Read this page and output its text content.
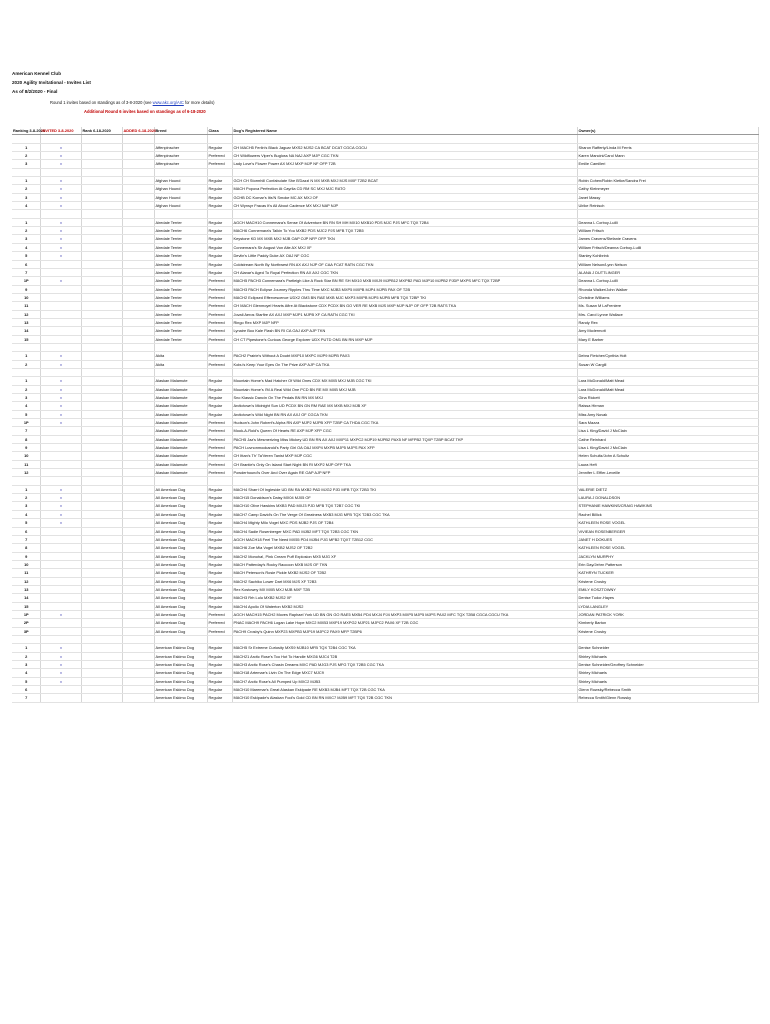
American Kennel Club
2020 Agility Invitational - Invites List
As of 8/2/2020 - Final
Round 1 invites based on standings as of 3-8-2020 (see www.akc.org/AIC for more details)
Additional Round 6 invites based on standings as of 6-18-2020
Ranking 3-8-2020	INVITED 3-8-2020	Rank 6-18-2020	ADDED 6-18-2020	Breed	Class	Dog's Registered Name	Owner(s)

1	x			Affenpinscher	Regular	CH MACH5 Ferlin's Black Jaguar MXS2 MJS2 CA BCAT DCAT CGCA CGCU	Sharon Rafferty/Linda M Ferris
2	x			Affenpinscher	Preferred	CH Wildflowers Viper's Bugloss NA NAJ AXP MJP CGC TKN	Karen Mancini/Carol Mann
3	x			Affenpinscher	Preferred	Lady Love's Flower Power AX MXJ MXP MJP NF OFP T2B	Emilie Camilleri

1	x			Afghan Hound	Regular	GCH CH Stormhill Confabulate She B'Dazzl N MX MXB MXJ MJS MXF T2B2 BCAT	Robin Cohen/Robin Kletke/Sandra Frei
2	x			Afghan Hound	Regular	MACH Popova Perfection At Cayrlia CD RM SC MXJ MJC RATO	Cathy Kleinmeyer
3	x			Afghan Hound	Regular	GCHB DC Komar's Itis'N Smoke MC AX MXJ OF	Janet Massy
4	x			Afghan Hound	Regular	CH Wynsyr Fracas It's All About Cadence MX MXJ NAP NJP	Ulrike Reinisch

1	x			Airedale Terrier	Regular	AGCH MACH10 Connemara's Sense Of Adventure BN RN SH MH MX10 MXB10 PDS MJC PJS MFC TQX T2B4	Deanna L Corboy-Luilli
2	x			Airedale Terrier	Regular	MACH6 Connemara's Talkin To You MXB2 PDS MJC2 PJS MFB TQX T2B5	William Fritsch
3	x			Airedale Terrier	Regular	Keystone KD MX MXB MXJ MJB OAP OJP NFP OFP TKN	James Cravens/Stefanie Cravens
4	x			Airedale Terrier	Regular	Connemara's Sir August Von Alte AX MXJ XF	William Fritsch/Deanna Corboy-Luilli
5	x			Airedale Terrier	Regular	Devlin's Little Paddy Duke AX OAJ NF CGC	Stanley Kohlbrink
6				Airedale Terrier	Regular	Coldstream North By Northwest RN AX AXJ NJP OF CAA FCAT RATN CGC TKN	William Nelson/Lynn Nelson
7				Airedale Terrier	Regular	CH Alanar's Aged To Royal Perfection RN AX AXJ CGC TKN	ALANA J DUTTLINGER
1P	x			Airedale Terrier	Preferred	MACH5 PACH3 Connemara's Partleigh Like A Rock Star BN RE SH MX10 MXB MXJ9 MJPB12 MXPB2 PAD MJP10 MJPB2 PJDP MXPS MFC TQX T2BP	Deanna L Corboy-Luilli
9				Airedale Terrier	Preferred	MACH3 PACH Eclipse Journey Ripples Thru Time MXC MJB3 MXP5 MXPB MJP4 MJPB PAX OF T2B	Rhonda Walker/John Walker
10				Airedale Terrier	Preferred	MACH2 Eclipsed Effervescence UDX2 OM3 BN RAE MXB MJC MXP3 MXPB MJP5 MJPB MFB TQX T2BP TKI	Christine Williams
11				Airedale Terrier	Preferred	CH MACH Glenmoyel Hearts Afire At Blackstone CDX PCDX BN GO VER RE MXB MJS MXP MJP NJP OF OFP T2B RATS TKA	Ms. Susan M LaFreniere
12				Airedale Terrier	Preferred	Jovali Aeros Starfire AX AXJ MXP MJP1 MJPB XF CA RATN CGC TKI	Mrs. Carol Lynne Wallace
13				Airedale Terrier	Preferred	Ringo Rex MXP MJP NFP	Randy Rex
14				Airedale Terrier	Preferred	Lynaire Boo Kale Flash BN RI CA OAJ AXP AJP TKN	Amy Mcdermott
15				Airedale Terrier	Preferred	CH CT Pipestone's Curious George Explorer UDX PUTD OM1 BN RN MXP MJP	Mary E Barber

1	x			Akita	Preferred	PACH2 Prairie's Without A Doubt MXP10 MXPC MJP9 MJPB PAX3	Debra Fletcher/Cynthia Holt
2	x			Akita	Preferred	Kobu's Keep Your Eyes On The Prize AXP AJP CA TKA	Susan W Cargill

1	x			Alaskan Malamute	Regular	Mountain Home's Mad Hatcher Of Wild Ones CDX MX MXB MXJ MJB CGC TKI	Lara McDonald/Matt Mead
2	x			Alaskan Malamute	Regular	Mountain Home's I'M A Real Wild One PCD BN RE MX MXB MXJ MJB	Lara McDonald/Matt Mead
3	x			Alaskan Malamute	Regular	Sno Klassic Dancin On The Pedals BN RN MX MXJ	Gina Rickett
4	x			Alaskan Malamute	Regular	Arctictown's Midnight Sun UD PCDX BN GN RM RAE MX MXB MXJ MJB XF	Raissa Hirman
5	x			Alaskan Malamute	Regular	Arctictown's Wild Night BN RN AX AXJ OF CGCA TKN	Miss Amy Novak
1P	x			Alaskan Malamute	Preferred	Hudson's John Robert's Alpha RN AXP MJP2 MJPB XFP T2BP CA THDA CGC TKA	Sara Mazza
7				Alaskan Malamute	Preferred	Mook-A-Roid's Queen Of Hearts RE AXP MJP XFP CGC	Lisa L King/David J McClain
8				Alaskan Malamute	Preferred	PACH5 Jaz's Mesmerizing Miss Mickey UD BN RN AX AXJ MXP11 MXPC2 MJP19 MJPB2 PAX5 NF MFPB2 TQXP T2BP BCAT TKP	Cathe Reinhard
9				Alaskan Malamute	Preferred	PACH Luvnonmookaroid's Party Girl OA OAJ MXP4 MXPB MJP5 MJPS PAX XFP	Lisa L King/David J McClain
10				Alaskan Malamute	Preferred	CH Ittan's Th' Ta'Veren Tanist MXP MJP CGC	Helen Schultz/John A Schultz
11				Alaskan Malamute	Preferred	CH Brantie's Only On Island Start Night BN RI MXP2 MJP OFP TKA	Laura Heft
12				Alaskan Malamute	Preferred	Powderhound's Over And Over Again RE OAP AJP NFP	Jennifer L Effler-Leveille

1	x			All American Dog	Regular	MACH4 Sharri Of Ingleside UD BN RA MXB2 PAD MJG2 PJD MFB TQX T2B3 TKI	VALERIE DIETZ
2	x			All American Dog	Regular	MACH15 Donaldson's Daisy MX04 MJ05 OF	LAURA J DONALDSON
3	x			All American Dog	Regular	MACH10 Olive Hawkins MXB3 PAD MXJ3 PJD MFB TQX T2B7 CGC TKI	STEPHANIE HAWKINS/CRAIG HAWKINS
4	x			All American Dog	Regular	MACH7 Camp David's On The Verge Of Greatness MXB3 MJG MFB TQX T2B3 CGC TKA	Rachel Billick
5	x			All American Dog	Regular	MACH4 Mighty Milo Vogel MXC PDS MJB2 PJS OF T2B4	KATHLEEN ROSE VOGEL
6				All American Dog	Regular	MACH4 Sadie Rosenberger MXC PAD MJB2 MFT TQX T2B3 CGC TKN	VIVIEAN ROSENBERGER
7				All American Dog	Regular	AGCH MACH18 Feel The Need MX55 PD4 MJB4 PJG MFB2 TQXT T2B12 CGC	JANET H DOKUES
8				All American Dog	Regular	MACH6 Zoe Mia Vogel MXB2 MJS2 OF T2B2	KATHLEEN ROSE VOGEL
9				All American Dog	Regular	MACH2 Monoha!, Pink Cream Puff Explosion MX5 MJG XF	JACKLYN MURPHY
10				All American Dog	Regular	MACH Patterday's Rocky Raccoon MXB MJS OF TKN	Erin Day/Jehrn Patterson
11				All American Dog	Regular	MACH Peterson's Rosie Pickle MXB2 MJS2 OF T2B2	KATHRYN TUCKER
12				All American Dog	Regular	MACH2 Sachiko Lower Dart MX6 MJS XF T2B3	Kristene Crosby
13				All American Dog	Regular	Rex Kostowny MX MXB MXJ MJB MXF T2B	EMILY KOSZTOWNY
14				All American Dog	Regular	MACH3 Rrh Lulu MXB2 MJS2 XF	Denise Tudor-Hayes
15				All American Dog	Regular	MACH4 Apollo Of Waterton MXB2 MJS2	LYDIA LANGLEY
1P	x			All American Dog	Preferred	AGCH MACH15 PACH2 Moves Raphael York UD BN GN GO RAE5 MXB4 PD4 MXJ4 PJ4 MXP3 MXP5 MJP5 MJPS PAX2 MFC TQX T2B8 CGCA CGCU TKA	JORDAN PATRICK YORK
2P				All American Dog	Preferred	PNAC MACH9 PACH6 Logan Lake Hope MXC2 MXB3 MXP19 MXPG2 MJP21 MJPC2 PAX6 XF T2B CGC	Kimberly Barton
3P				All American Dog	Preferred	PACH9 Crosby's Quinn MXP23 MXPB3 MJP19 MJPC2 PAX9 MFP T2BP6	Kristene Crosby

1	x			American Eskimo Dog	Regular	MACH5 Sr Extreme Curiosity MXS9 MJB10 MFB TQX T2B4 CGC TKA	Denise Schneider
2	x			American Eskimo Dog	Regular	MACH21 Arctic Rose's Too Hot To Handle MXG6 MJC4 T2B	Shirley Michaels
3	x			American Eskimo Dog	Regular	MACH3 Arctic Rose's Chasin Dreams MXC PAD MJG3 PJS MFG TQX T2B5 CGC TKA	Denise Schneider/Geoffrey Schneider
4	x			American Eskimo Dog	Regular	MACH18 Artemae's Livin On The Edge MXC7 MJC9	Shirley Michaels
5	x			American Eskimo Dog	Regular	MACH7 Arctic Rose's All Pumped Up MXC2 MJB3	Shirley Michaels
6				American Eskimo Dog	Regular	MACH10 Maremar's Great Alaskan Eskipade RE MXB3 MJB4 MFT TQX T2B CGC TKA	Glenn Rowsky/Rebecca Smith
7				American Eskimo Dog	Regular	MACH10 Eskipade's Alaskan Fool's Gold CD BN RN MXC7 MJB9 MFT TQX T2B CGC TKN	Rebecca Smith/Glenn Rowsky
